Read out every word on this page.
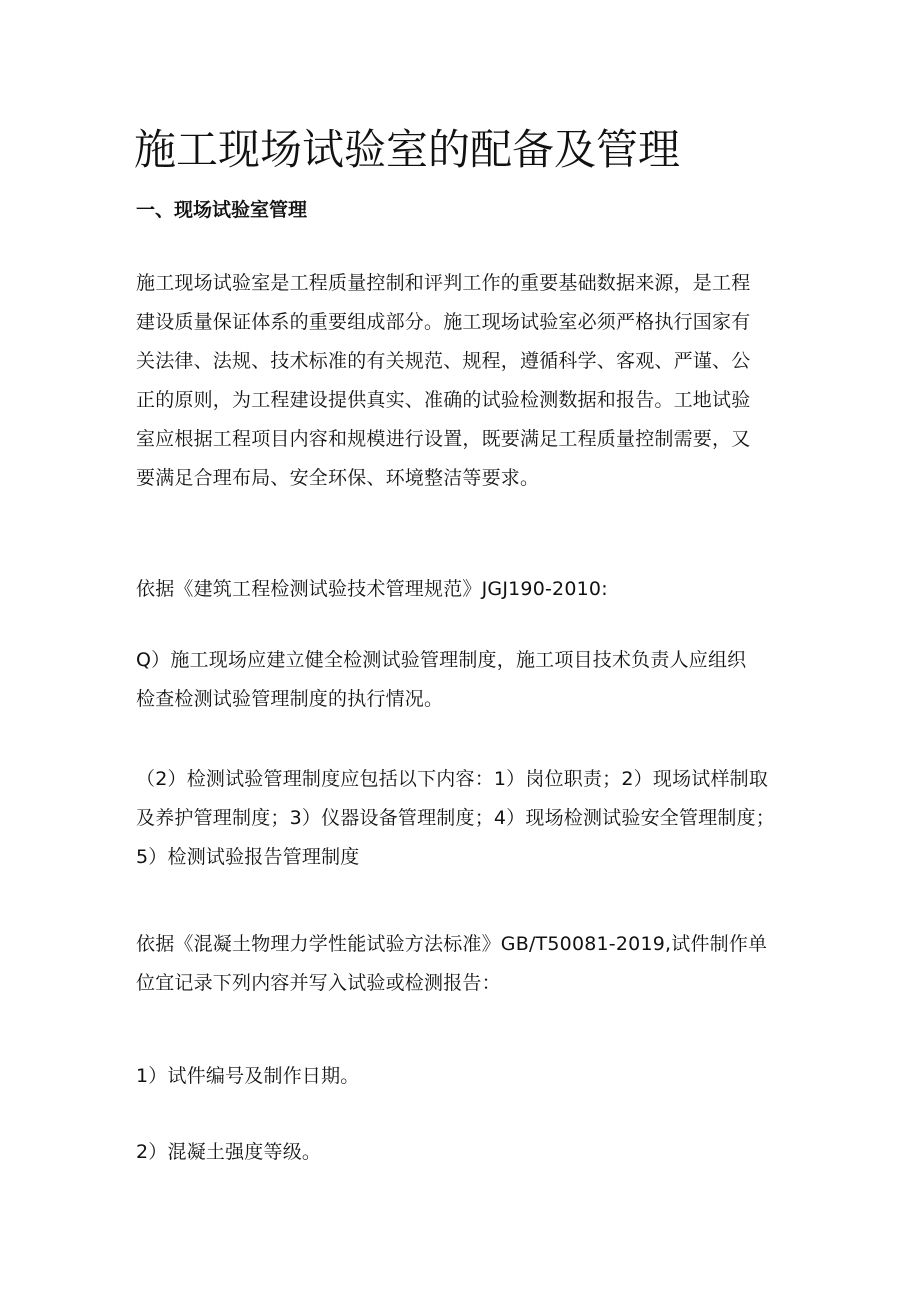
施工现场试验室的配备及管理
一、现场试验室管理

施工现场试验室是工程质量控制和评判工作的重要基础数据来源，是工程
建设质量保证体系的重要组成部分。施工现场试验室必须严格执行国家有
关法律、法规、技术标准的有关规范、规程，遵循科学、客观、严谨、公
正的原则，为工程建设提供真实、准确的试验检测数据和报告。工地试验
室应根据工程项目内容和规模进行设置，既要满足工程质量控制需要，又
要满足合理布局、安全环保、环境整洁等要求。

依据《建筑工程检测试验技术管理规范》JGJ190-2010:

Q）施工现场应建立健全检测试验管理制度，施工项目技术负责人应组织
检查检测试验管理制度的执行情况。

（2）检测试验管理制度应包括以下内容：1）岗位职责；2）现场试样制取
及养护管理制度；3）仪器设备管理制度；4）现场检测试验安全管理制度；
5）检测试验报告管理制度

依据《混凝土物理力学性能试验方法标准》GB/T50081-2019,试件制作单
位宜记录下列内容并写入试验或检测报告：

1）试件编号及制作日期。

2）混凝土强度等级。
